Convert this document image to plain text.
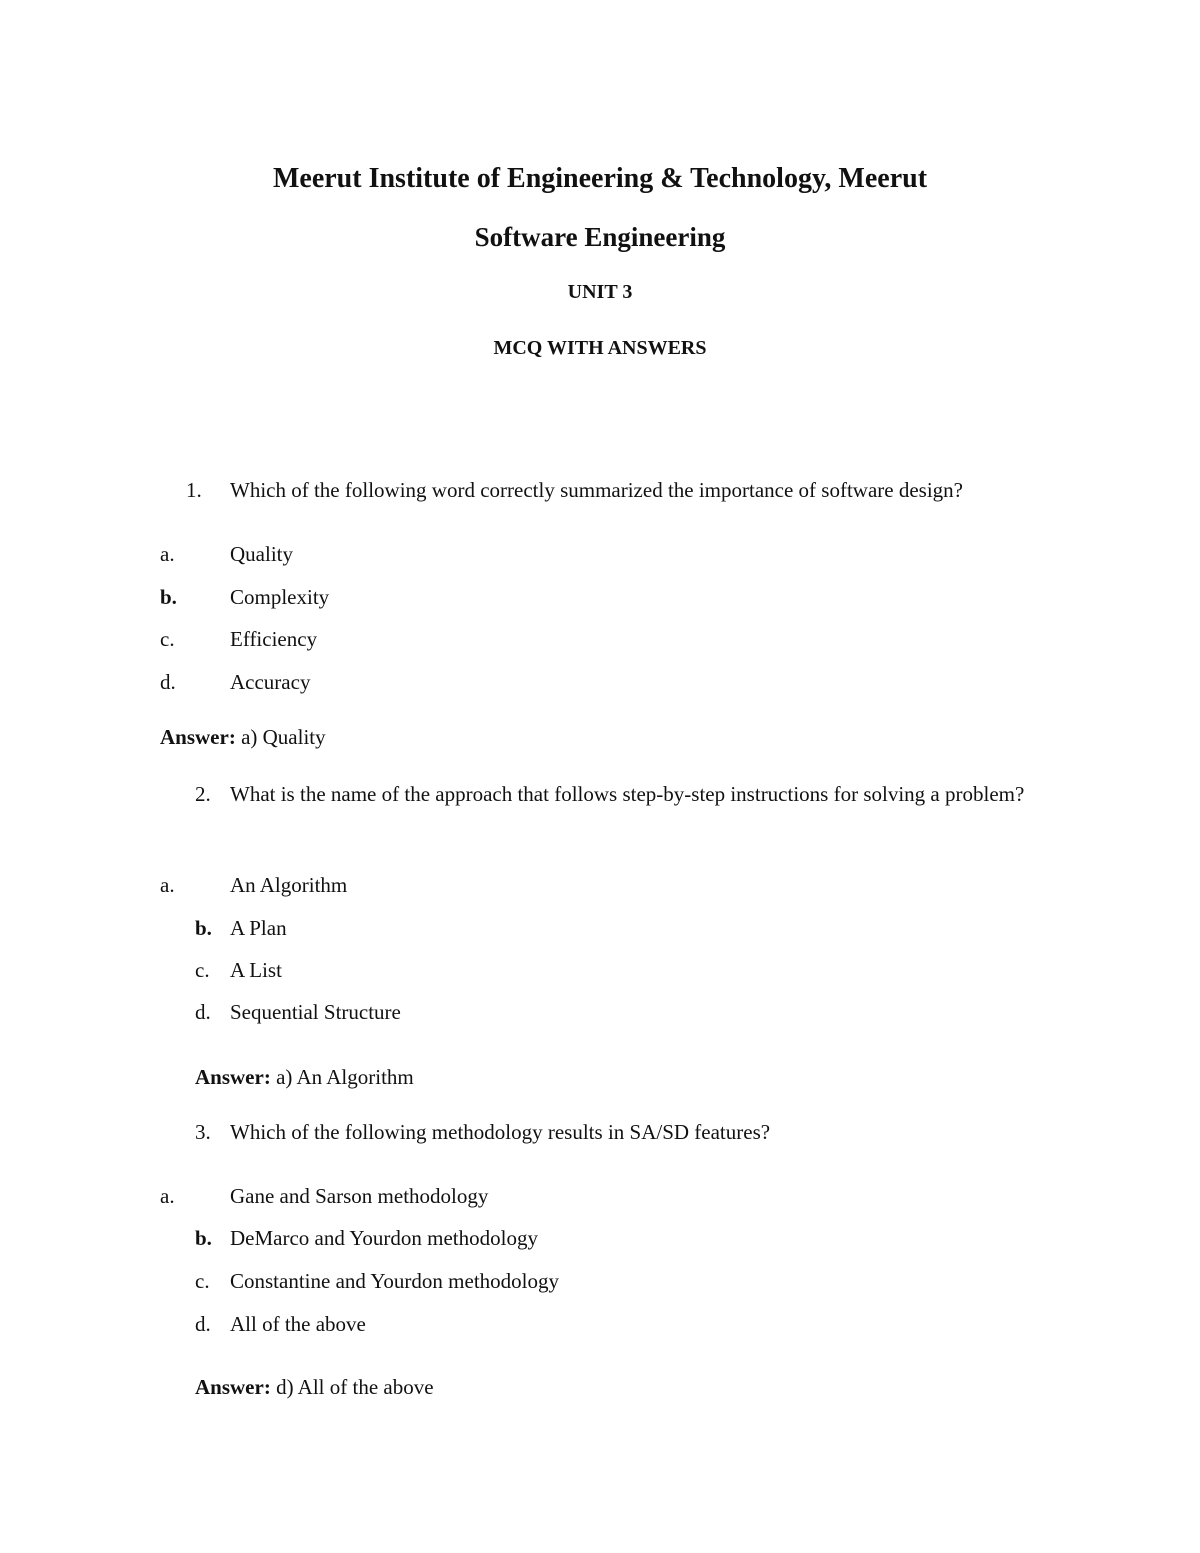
Meerut Institute of Engineering & Technology, Meerut
Software Engineering
UNIT 3
MCQ WITH ANSWERS
1. Which of the following word correctly summarized the importance of software design?
a.	Quality
b.	Complexity
c.	Efficiency
d.	Accuracy
Answer: a) Quality
2. What is the name of the approach that follows step-by-step instructions for solving a problem?
a.	An Algorithm
b. A Plan
c. A List
d. Sequential Structure
Answer: a) An Algorithm
3. Which of the following methodology results in SA/SD features?
a.	Gane and Sarson methodology
b. DeMarco and Yourdon methodology
c. Constantine and Yourdon methodology
d. All of the above
Answer: d) All of the above
